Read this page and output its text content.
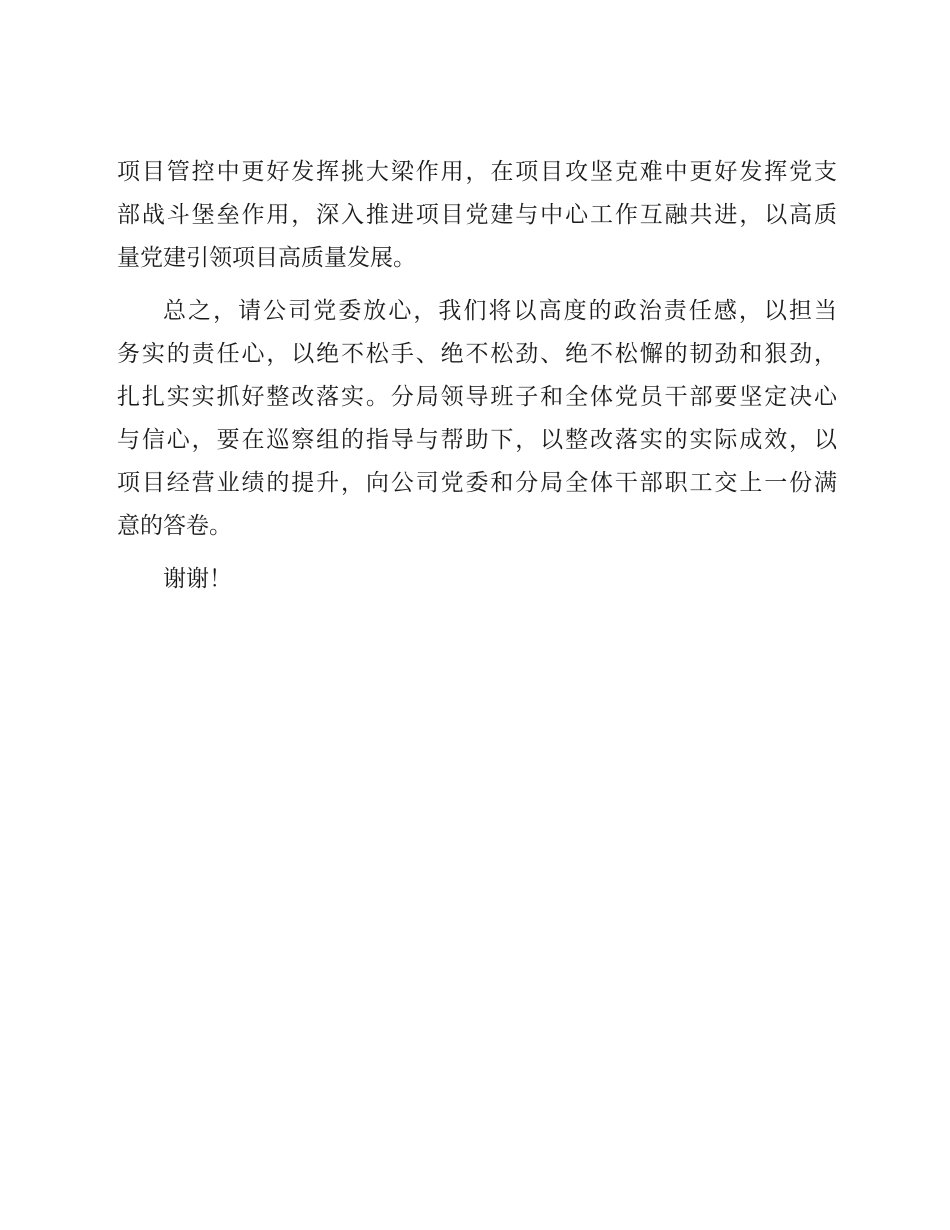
项目管控中更好发挥挑大梁作用，在项目攻坚克难中更好发挥党支
部战斗堡垒作用，深入推进项目党建与中心工作互融共进，以高质
量党建引领项目高质量发展。
总之，请公司党委放心，我们将以高度的政治责任感，以担当
务实的责任心，以绝不松手、绝不松劲、绝不松懈的韧劲和狠劲，
扎扎实实抓好整改落实。分局领导班子和全体党员干部要坚定决心
与信心，要在巡察组的指导与帮助下，以整改落实的实际成效，以
项目经营业绩的提升，向公司党委和分局全体干部职工交上一份满
意的答卷。
谢谢！
